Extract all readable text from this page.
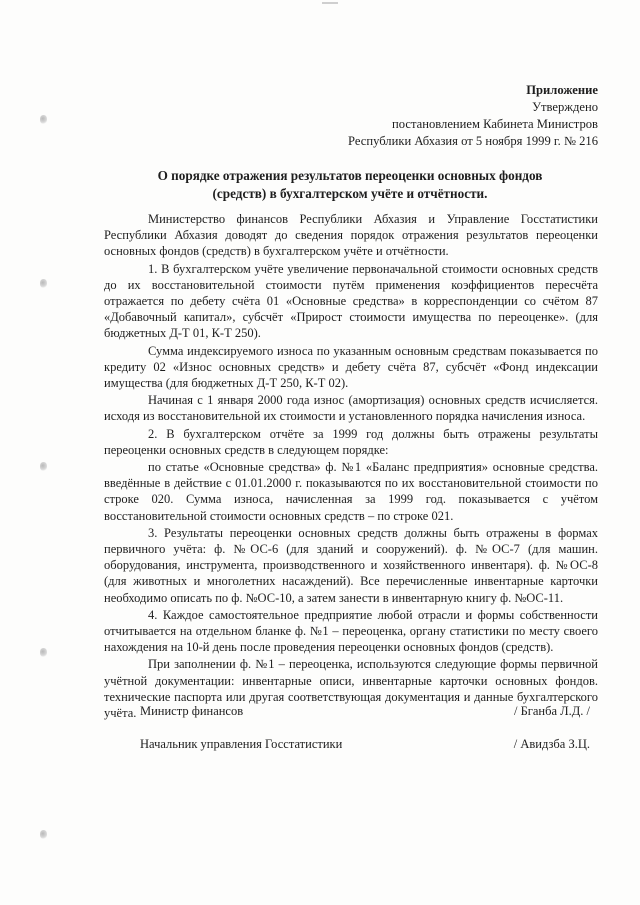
Приложение
Утверждено
постановлением Кабинета Министров
Республики Абхазия от 5 ноября 1999 г. № 216
О порядке отражения результатов переоценки основных фондов
(средств) в бухгалтерском учёте и отчётности.

Министерство финансов Республики Абхазия и Управление Госстатистики Республики Абхазия доводят до сведения порядок отражения результатов переоценки основных фондов (средств) в бухгалтерском учёте и отчётности.

1. В бухгалтерском учёте увеличение первоначальной стоимости основных средств до их восстановительной стоимости путём применения коэффициентов пересчёта отражается по дебету счёта 01 «Основные средства» в корреспонденции со счётом 87 «Добавочный капитал», субсчёт «Прирост стоимости имущества по переоценке». (для бюджетных Д-Т 01, К-Т 250).

Сумма индексируемого износа по указанным основным средствам показывается по кредиту 02 «Износ основных средств» и дебету счёта 87, субсчёт «Фонд индексации имущества (для бюджетных Д-Т 250, К-Т 02).

Начиная с 1 января 2000 года износ (амортизация) основных средств исчисляется. исходя из восстановительной их стоимости и установленного порядка начисления износа.

2. В бухгалтерском отчёте за 1999 год должны быть отражены результаты переоценки основных средств в следующем порядке:

по статье «Основные средства» ф. №1 «Баланс предприятия» основные средства. введённые в действие с 01.01.2000 г. показываются по их восстановительной стоимости по строке 020. Сумма износа, начисленная за 1999 год. показывается с учётом восстановительной стоимости основных средств – по строке 021.

3. Результаты переоценки основных средств должны быть отражены в формах первичного учёта: ф. №ОС-6 (для зданий и сооружений). ф. №ОС-7 (для машин. оборудования, инструмента, производственного и хозяйственного инвентаря). ф. №ОС-8 (для животных и многолетних насаждений). Все перечисленные инвентарные карточки необходимо описать по ф. №ОС-10, а затем занести в инвентарную книгу ф. №ОС-11.

4. Каждое самостоятельное предприятие любой отрасли и формы собственности отчитывается на отдельном бланке ф. №1 – переоценка, органу статистики по месту своего нахождения на 10-й день после проведения переоценки основных фондов (средств).

При заполнении ф. №1 – переоценка, используются следующие формы первичной учётной документации: инвентарные описи, инвентарные карточки основных фондов. технические паспорта или другая соответствующая документация и данные бухгалтерского учёта. Министр финансов	/ Бганба Л.Д. /
Начальник управления Госстатистики	/ Авидзба З.Ц.
